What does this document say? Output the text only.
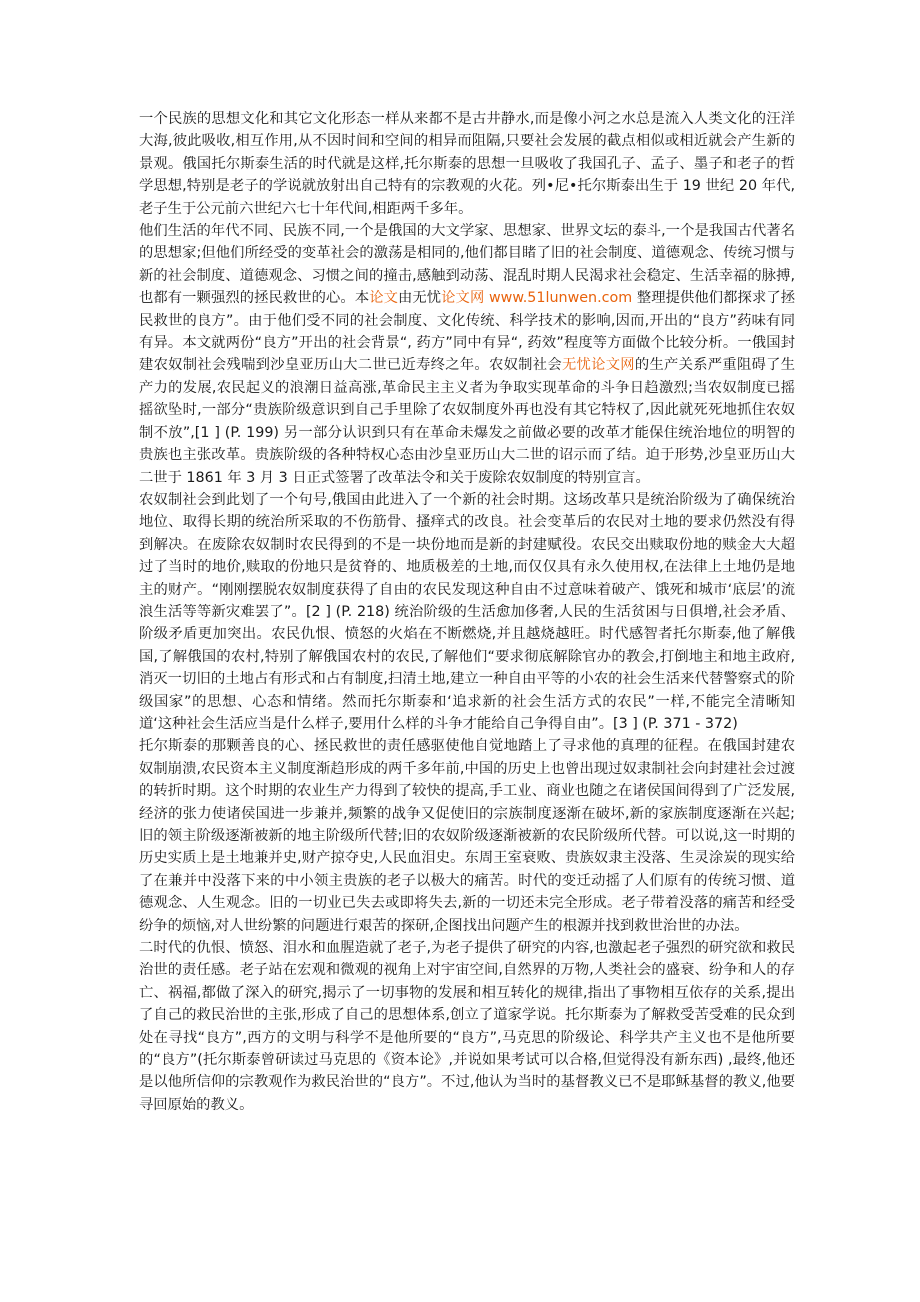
一个民族的思想文化和其它文化形态一样从来都不是古井静水,而是像小河之水总是流入人类文化的汪洋大海,彼此吸收,相互作用,从不因时间和空间的相异而阻隔,只要社会发展的截点相似或相近就会产生新的景观。俄国托尔斯泰生活的时代就是这样,托尔斯泰的思想一旦吸收了我国孔子、孟子、墨子和老子的哲学思想,特别是老子的学说就放射出自己特有的宗教观的火花。列•尼•托尔斯泰出生于 19 世纪 20 年代,老子生于公元前六世纪六七十年代间,相距两千多年。

他们生活的年代不同、民族不同,一个是俄国的大文学家、思想家、世界文坛的泰斗,一个是我国古代著名的思想家;但他们所经受的变革社会的激荡是相同的,他们都目睹了旧的社会制度、道德观念、传统习惯与新的社会制度、道德观念、习惯之间的撞击,感触到动荡、混乱时期人民渴求社会稳定、生活幸福的脉搏,也都有一颗强烈的拯民救世的心。本论文由无忧论文网 www.51lunwen.com 整理提供他们都探求了拯民救世的良方”。由于他们受不同的社会制度、文化传统、科学技术的影响,因而,开出的“良方”药味有同有异。本文就两份“良方”开出的社会背景“, 药方”同中有异“, 药效”程度等方面做个比较分析。一俄国封建农奴制社会残喘到沙皇亚历山大二世已近寿终之年。农奴制社会无忧论文网的生产关系严重阻碍了生产力的发展,农民起义的浪潮日益高涨,革命民主主义者为争取实现革命的斗争日趋激烈;当农奴制度已摇摇欲坠时,一部分“贵族阶级意识到自己手里除了农奴制度外再也没有其它特权了,因此就死死地抓住农奴制不放”,[1 ] (P. 199) 另一部分认识到只有在革命未爆发之前做必要的改革才能保住统治地位的明智的贵族也主张改革。贵族阶级的各种特权心态由沙皇亚历山大二世的诏示而了结。迫于形势,沙皇亚历山大二世于 1861 年 3 月 3 日正式签署了改革法令和关于废除农奴制度的特别宣言。

农奴制社会到此划了一个句号,俄国由此进入了一个新的社会时期。这场改革只是统治阶级为了确保统治地位、取得长期的统治所采取的不伤筋骨、搔痒式的改良。社会变革后的农民对土地的要求仍然没有得到解决。在废除农奴制时农民得到的不是一块份地而是新的封建赋役。农民交出赎取份地的赎金大大超过了当时的地价,赎取的份地只是贫脊的、地质极差的土地,而仅仅具有永久使用权,在法律上土地仍是地主的财产。“刚刚摆脱农奴制度获得了自由的农民发现这种自由不过意味着破产、饿死和城市‘底层’的流浪生活等等新灾难罢了”。[2 ] (P. 218) 统治阶级的生活愈加侈奢,人民的生活贫困与日俱增,社会矛盾、阶级矛盾更加突出。农民仇恨、愤怒的火焰在不断燃烧,并且越烧越旺。时代感智者托尔斯泰,他了解俄国,了解俄国的农村,特别了解俄国农村的农民,了解他们“要求彻底解除官办的教会,打倒地主和地主政府,消灭一切旧的土地占有形式和占有制度,扫清土地,建立一种自由平等的小农的社会生活来代替警察式的阶级国家”的思想、心态和情绪。然而托尔斯泰和‘追求新的社会生活方式的农民”一样,不能完全清晰知道‘这种社会生活应当是什么样子,要用什么样的斗争才能给自己争得自由”。[3 ] (P. 371 - 372)

托尔斯泰的那颗善良的心、拯民救世的责任感驱使他自觉地踏上了寻求他的真理的征程。在俄国封建农奴制崩溃,农民资本主义制度渐趋形成的两千多年前,中国的历史上也曾出现过奴隶制社会向封建社会过渡的转折时期。这个时期的农业生产力得到了较快的提高,手工业、商业也随之在诸侯国间得到了广泛发展,经济的张力使诸侯国进一步兼并,频繁的战争又促使旧的宗族制度逐渐在破坏,新的家族制度逐渐在兴起;旧的领主阶级逐渐被新的地主阶级所代替;旧的农奴阶级逐渐被新的农民阶级所代替。可以说,这一时期的历史实质上是土地兼并史,财产掠夺史,人民血泪史。东周王室衰败、贵族奴隶主没落、生灵涂炭的现实给了在兼并中没落下来的中小领主贵族的老子以极大的痛苦。时代的变迁动摇了人们原有的传统习惯、道德观念、人生观念。旧的一切业已失去或即将失去,新的一切还未完全形成。老子带着没落的痛苦和经受纷争的烦恼,对人世纷繁的问题进行艰苦的探研,企图找出问题产生的根源并找到救世治世的办法。

二时代的仇恨、愤怒、泪水和血腥造就了老子,为老子提供了研究的内容,也激起老子强烈的研究欲和救民治世的责任感。老子站在宏观和微观的视角上对宇宙空间,自然界的万物,人类社会的盛衰、纷争和人的存亡、祸福,都做了深入的研究,揭示了一切事物的发展和相互转化的规律,指出了事物相互依存的关系,提出了自己的救民治世的主张,形成了自己的思想体系,创立了道家学说。托尔斯泰为了解救受苦受难的民众到处在寻找“良方”,西方的文明与科学不是他所要的“良方”,马克思的阶级论、科学共产主义也不是他所要的“良方”(托尔斯泰曾研读过马克思的《资本论》,并说如果考试可以合格,但觉得没有新东西) ,最终,他还是以他所信仰的宗教观作为救民治世的“良方”。不过,他认为当时的基督教义已不是耶稣基督的教义,他要寻回原始的教义。
